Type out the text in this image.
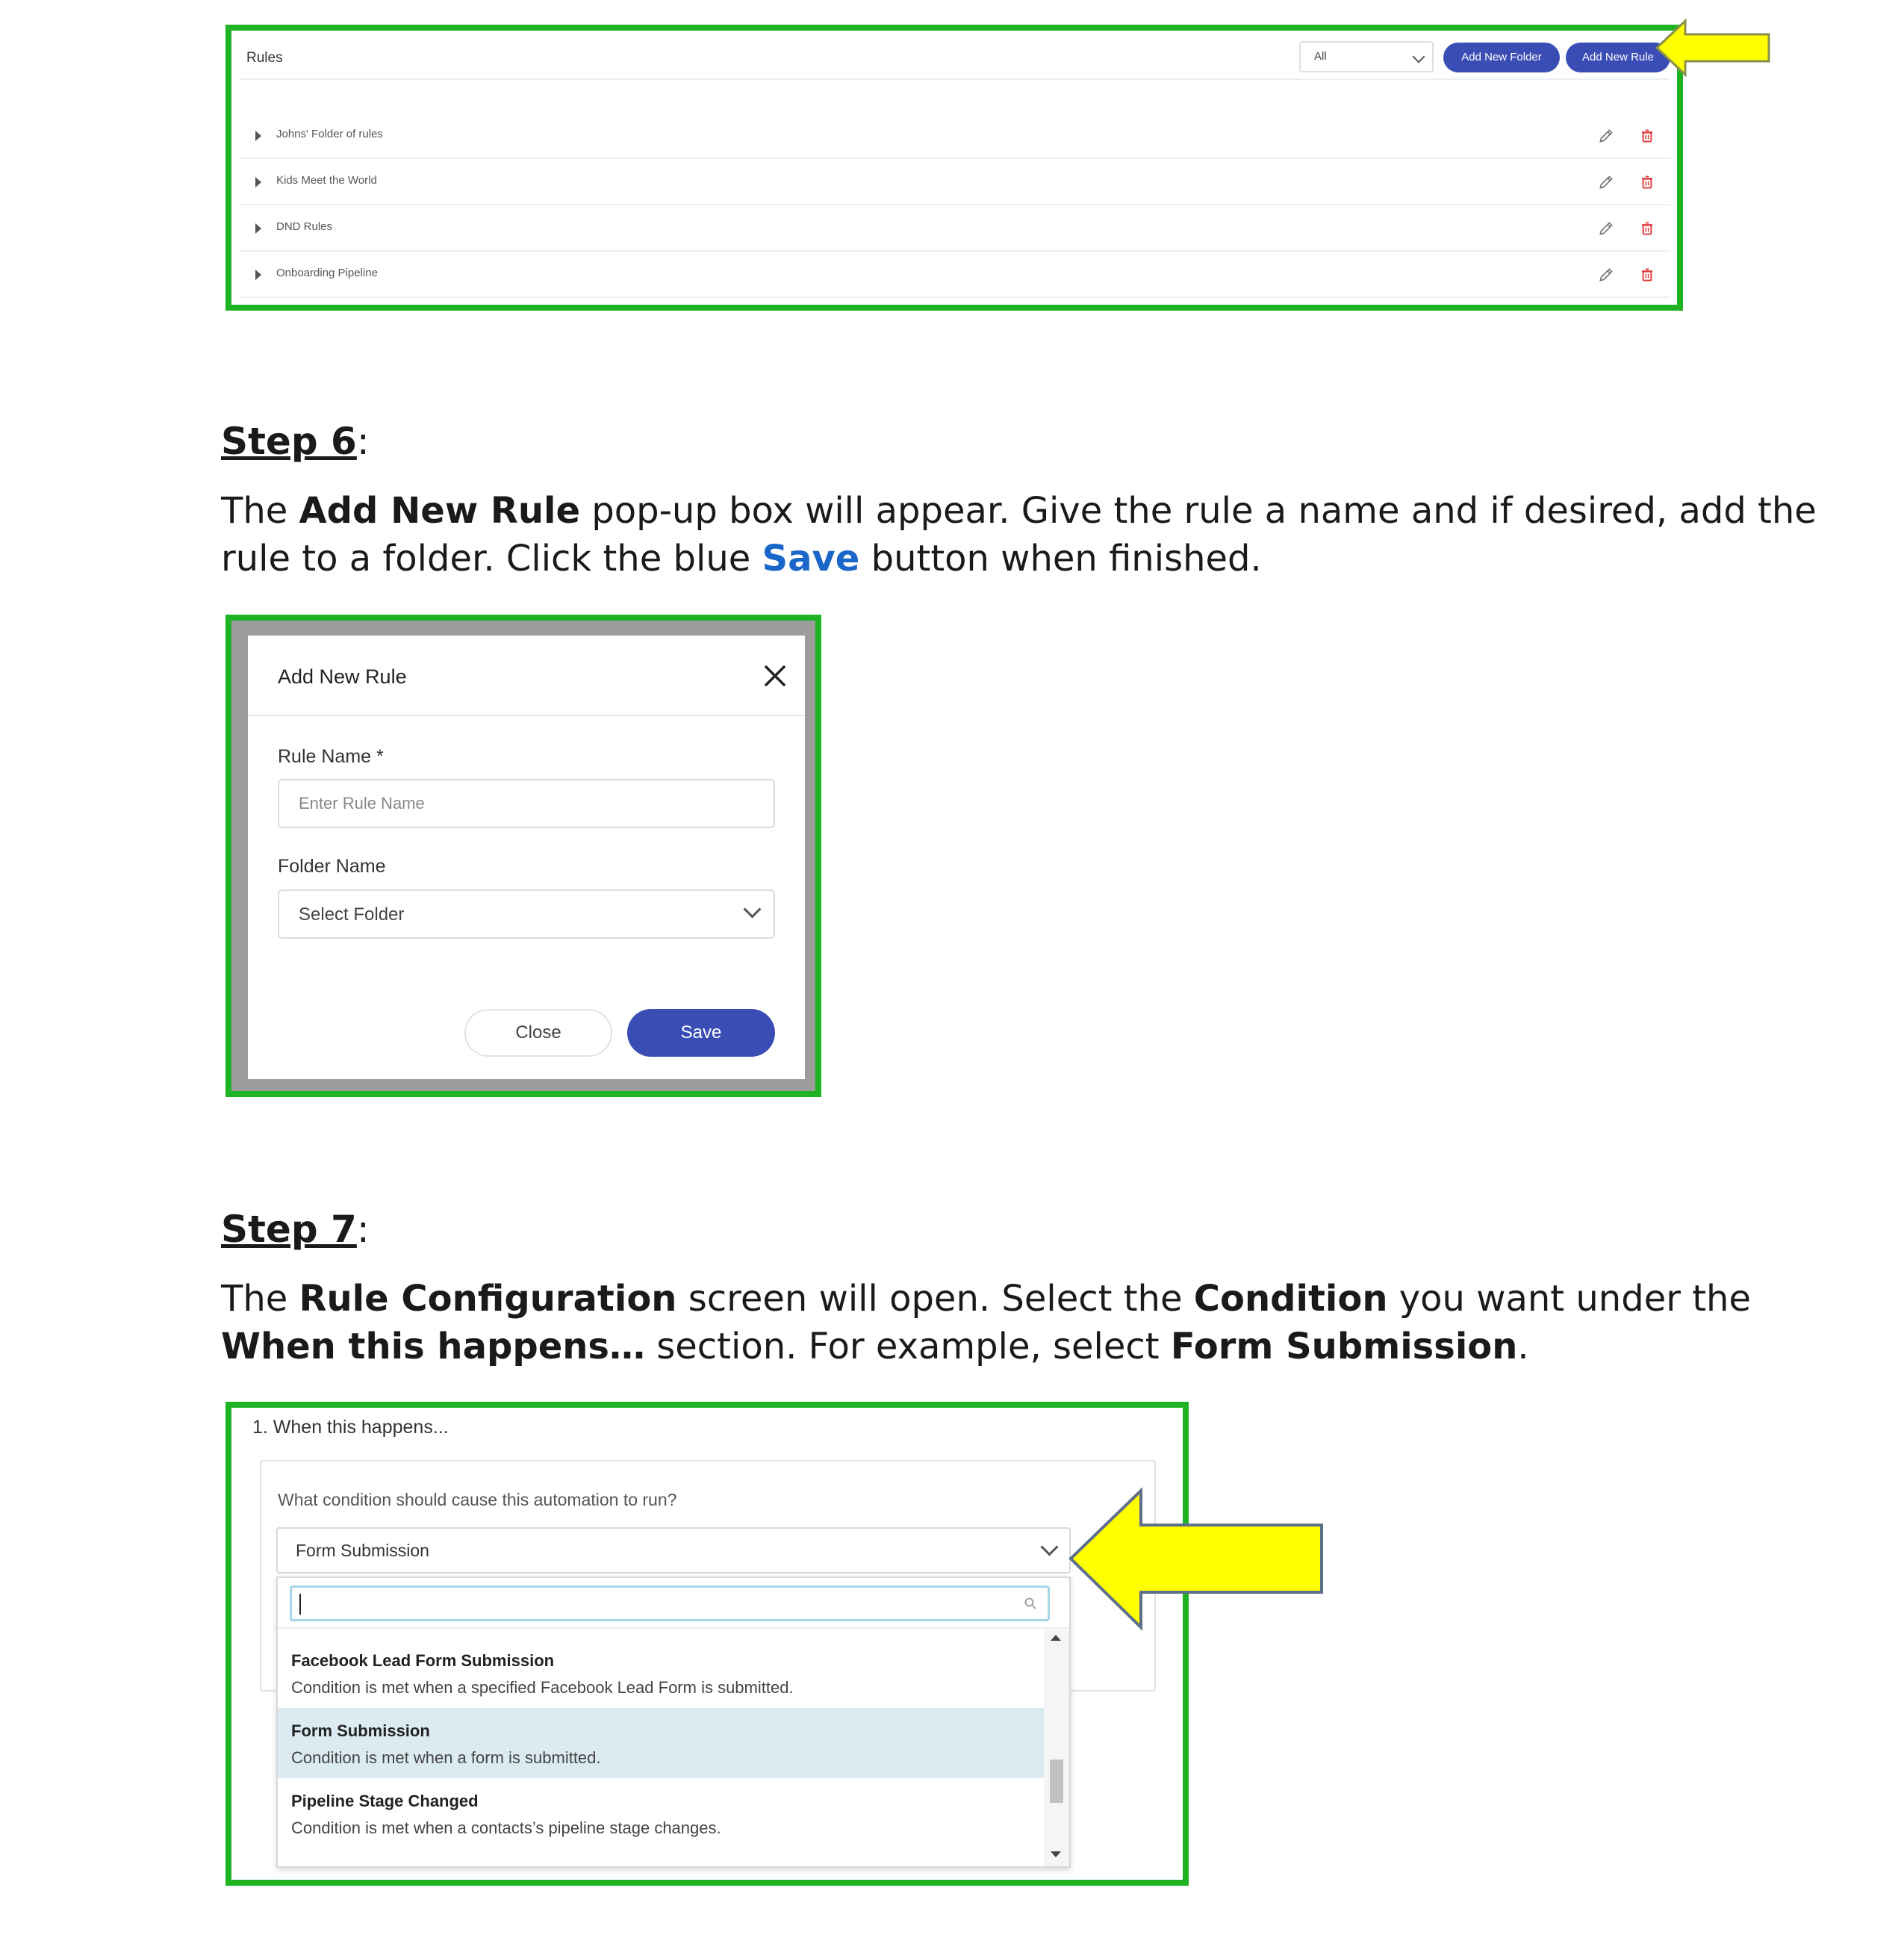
Rules	All	Add New Folder	Add New Rule
Johns' Folder of rules
Kids Meet the World
DND Rules
Onboarding Pipeline
Step 6:
The Add New Rule pop-up box will appear. Give the rule a name and if desired, add the rule to a folder. Click the blue Save button when finished.
Add New Rule
Rule Name *
Enter Rule Name
Folder Name
Select Folder
Close	Save
Step 7:
The Rule Configuration screen will open. Select the Condition you want under the
When this happens… section. For example, select Form Submission.
1. When this happens...
What condition should cause this automation to run?
Form Submission
Facebook Lead Form Submission
Condition is met when a specified Facebook Lead Form is submitted.
Form Submission
Condition is met when a form is submitted.
Pipeline Stage Changed
Condition is met when a contacts’s pipeline stage changes.
